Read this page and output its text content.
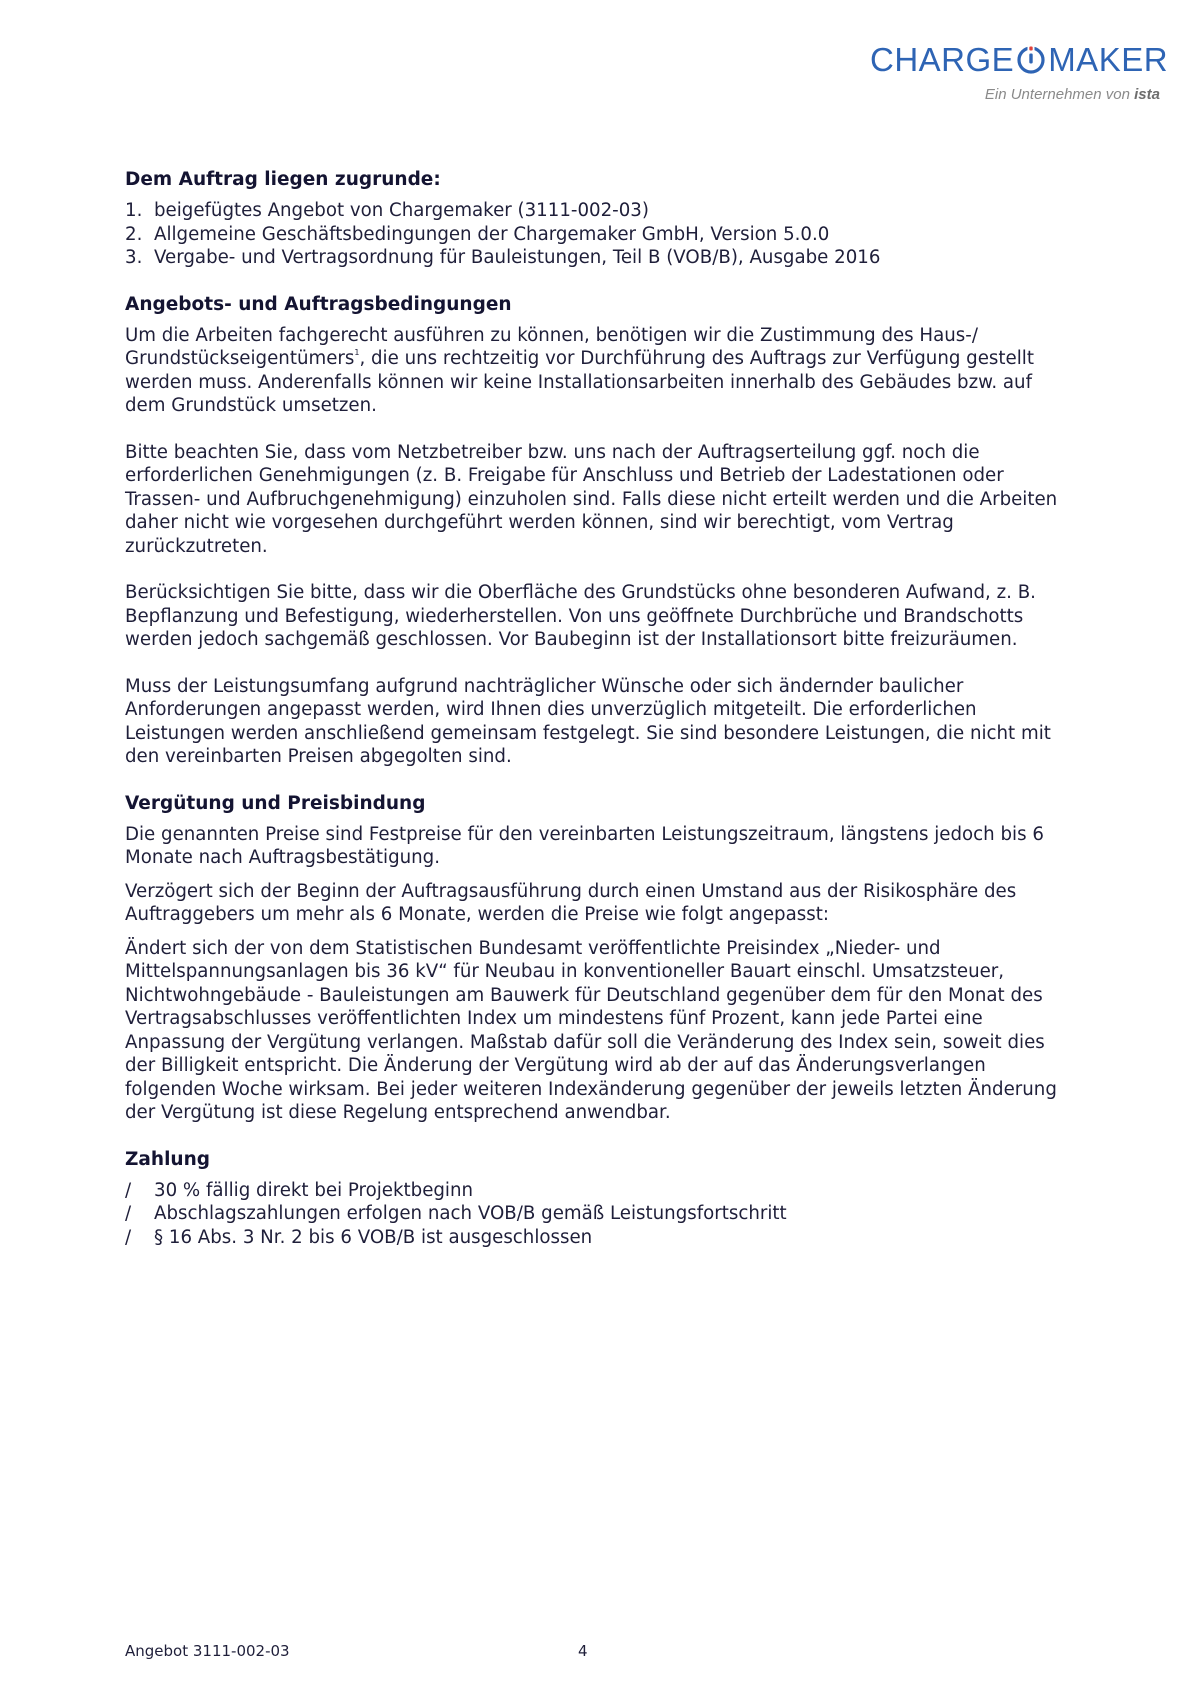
CHARGE MAKER
Ein Unternehmen von ista
Dem Auftrag liegen zugrunde:
1. beigefügtes Angebot von Chargemaker (3111-002-03)
2. Allgemeine Geschäftsbedingungen der Chargemaker GmbH, Version 5.0.0
3. Vergabe- und Vertragsordnung für Bauleistungen, Teil B (VOB/B), Ausgabe 2016
Angebots- und Auftragsbedingungen

Um die Arbeiten fachgerecht ausführen zu können, benötigen wir die Zustimmung des Haus-/ Grundstückseigentümers$^1$, die uns rechtzeitig vor Durchführung des Auftrags zur Verfügung gestellt werden muss. Anderenfalls können wir keine Installationsarbeiten innerhalb des Gebäudes bzw. auf dem Grundstück umsetzen.

Bitte beachten Sie, dass vom Netzbetreiber bzw. uns nach der Auftragserteilung ggf. noch die erforderlichen Genehmigungen (z. B. Freigabe für Anschluss und Betrieb der Ladestationen oder Trassen- und Aufbruchgenehmigung) einzuholen sind. Falls diese nicht erteilt werden und die Arbeiten daher nicht wie vorgesehen durchgeführt werden können, sind wir berechtigt, vom Vertrag zurückzutreten.

Berücksichtigen Sie bitte, dass wir die Oberfläche des Grundstücks ohne besonderen Aufwand, z. B. Bepflanzung und Befestigung, wiederherstellen. Von uns geöffnete Durchbrüche und Brandschotts werden jedoch sachgemäß geschlossen. Vor Baubeginn ist der Installationsort bitte freizuräumen.

Muss der Leistungsumfang aufgrund nachträglicher Wünsche oder sich ändernder baulicher Anforderungen angepasst werden, wird Ihnen dies unverzüglich mitgeteilt. Die erforderlichen Leistungen werden anschließend gemeinsam festgelegt. Sie sind besondere Leistungen, die nicht mit den vereinbarten Preisen abgegolten sind.

Vergütung und Preisbindung

Die genannten Preise sind Festpreise für den vereinbarten Leistungszeitraum, längstens jedoch bis 6 Monate nach Auftragsbestätigung.

Verzögert sich der Beginn der Auftragsausführung durch einen Umstand aus der Risikosphäre des Auftraggebers um mehr als 6 Monate, werden die Preise wie folgt angepasst:

Ändert sich der von dem Statistischen Bundesamt veröffentlichte Preisindex „Nieder- und Mittelspannungsanlagen bis 36 kV“ für Neubau in konventioneller Bauart einschl. Umsatzsteuer, Nichtwohngebäude - Bauleistungen am Bauwerk für Deutschland gegenüber dem für den Monat des Vertragsabschlusses veröffentlichten Index um mindestens fünf Prozent, kann jede Partei eine Anpassung der Vergütung verlangen. Maßstab dafür soll die Veränderung des Index sein, soweit dies der Billigkeit entspricht. Die Änderung der Vergütung wird ab der auf das Änderungsverlangen folgenden Woche wirksam. Bei jeder weiteren Indexänderung gegenüber der jeweils letzten Änderung der Vergütung ist diese Regelung entsprechend anwendbar.

Zahlung
/ 30 % fällig direkt bei Projektbeginn
/ Abschlagszahlungen erfolgen nach VOB/B gemäß Leistungsfortschritt
/ § 16 Abs. 3 Nr. 2 bis 6 VOB/B ist ausgeschlossen
Angebot 3111-002-03	4
